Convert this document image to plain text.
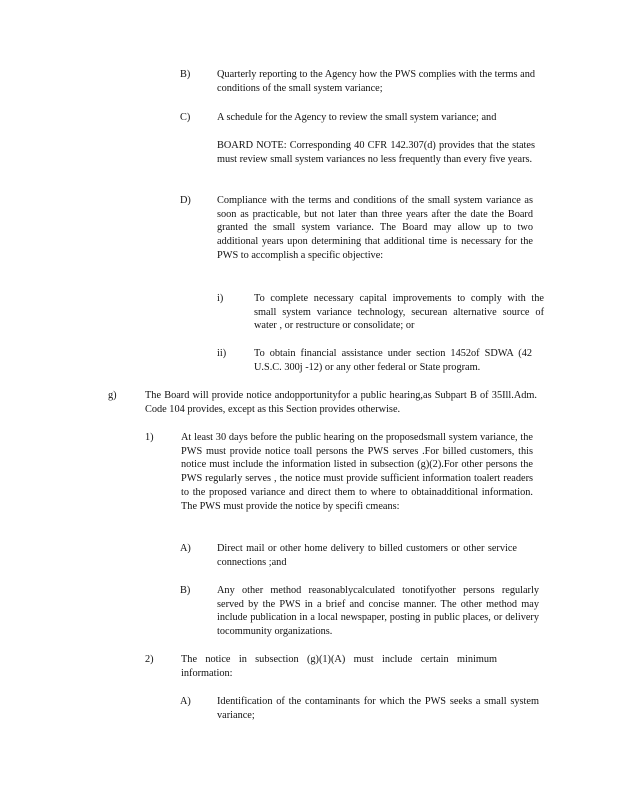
B)	Quarterly reporting to the Agency how the PWS complies with the terms and conditions of the small system variance;

C)	A schedule for the Agency to review the small system variance; and

BOARD NOTE: Corresponding 40 CFR 142.307(d) provides that the states must review small system variances no less frequently than every five years.

D)	Compliance with the terms and conditions of the small system variance as soon as practicable, but not later than three years after the date the Board granted the small system variance. The Board may allow up to two additional years upon determining that additional time is necessary for the PWS to accomplish a specific objective:

i)	To complete necessary capital improvements to comply with the small system variance technology, securean alternative source of water , or restructure or consolidate; or

ii)	To obtain financial assistance under section 1452of SDWA (42 U.S.C. 300j -12) or any other federal or State program.

g)	The Board will provide notice andopportunityfor a public hearing,as Subpart B of 35Ill.Adm. Code 104 provides, except as this Section provides otherwise.

1)	At least 30 days before the public hearing on the proposedsmall system variance, the PWS must provide notice toall persons the PWS serves .For billed customers, this notice must include the information listed in subsection (g)(2).For other persons the PWS regularly serves , the notice must provide sufficient information toalert readers to the proposed variance and direct them to where to obtainadditional information. The PWS must provide the notice by specifi cmeans:

A)	Direct mail or other home delivery to billed customers or other service connections ;and

B)	Any other method reasonablycalculated tonotifyother persons regularly served by the PWS in a brief and concise manner. The other method may include publication in a local newspaper, posting in public places, or delivery tocommunity organizations.

2)	The notice in subsection (g)(1)(A) must include certain minimum information:

A)	Identification of the contaminants for which the PWS seeks a small system variance;
